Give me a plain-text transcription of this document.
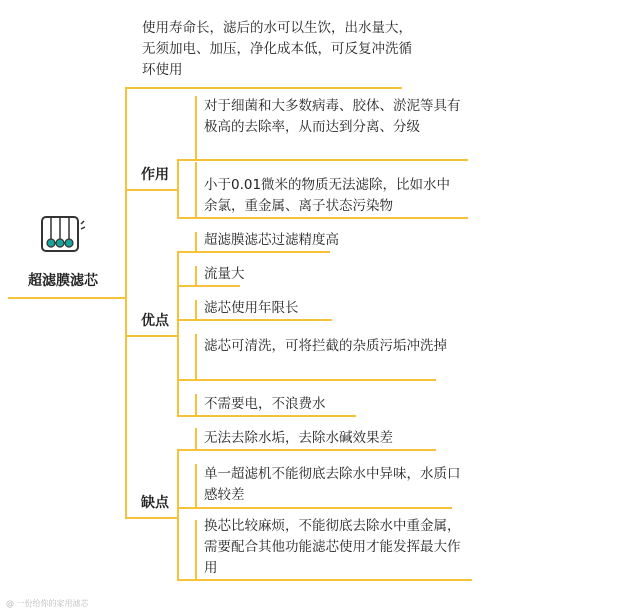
超滤膜滤芯
使用寿命长，滤后的水可以生饮，出水量大，无须加电、加压，净化成本低，可反复冲洗循环使用
作用
优点
缺点
对于细菌和大多数病毒、胶体、淤泥等具有极高的去除率，从而达到分离、分级
小于0.01微米的物质无法滤除，比如水中余氯，重金属、离子状态污染物
超滤膜滤芯过滤精度高
流量大
滤芯使用年限长
滤芯可清洗，可将拦截的杂质污垢冲洗掉
不需要电，不浪费水
无法去除水垢，去除水碱效果差
单一超滤机不能彻底去除水中异味，水质口感较差
换芯比较麻烦，不能彻底去除水中重金属，需要配合其他功能滤芯使用才能发挥最大作用
@ 一份给你的家用滤芯
